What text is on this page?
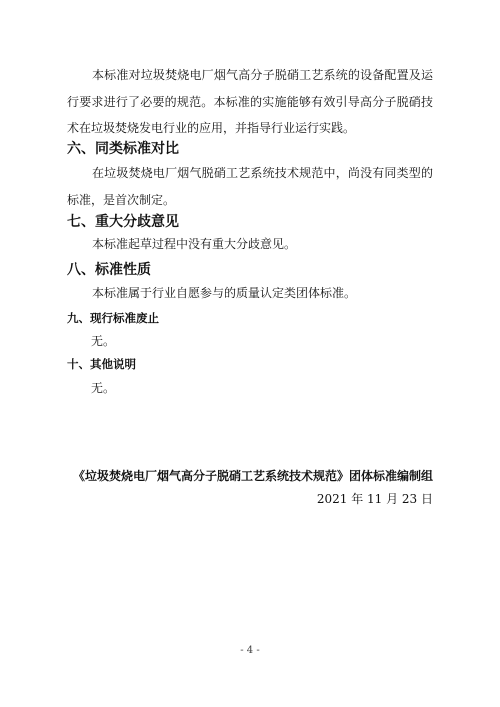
本标准对垃圾焚烧电厂烟气高分子脱硝工艺系统的设备配置及运行要求进行了必要的规范。本标准的实施能够有效引导高分子脱硝技术在垃圾焚烧发电行业的应用，并指导行业运行实践。

六、同类标准对比

在垃圾焚烧电厂烟气脱硝工艺系统技术规范中，尚没有同类型的标准，是首次制定。

七、重大分歧意见

本标准起草过程中没有重大分歧意见。

八、标准性质

本标准属于行业自愿参与的质量认定类团体标准。

九、现行标准废止

无。

十、其他说明

无。

《垃圾焚烧电厂烟气高分子脱硝工艺系统技术规范》团体标准编制组

2021 年 11 月 23 日

- 4 -
